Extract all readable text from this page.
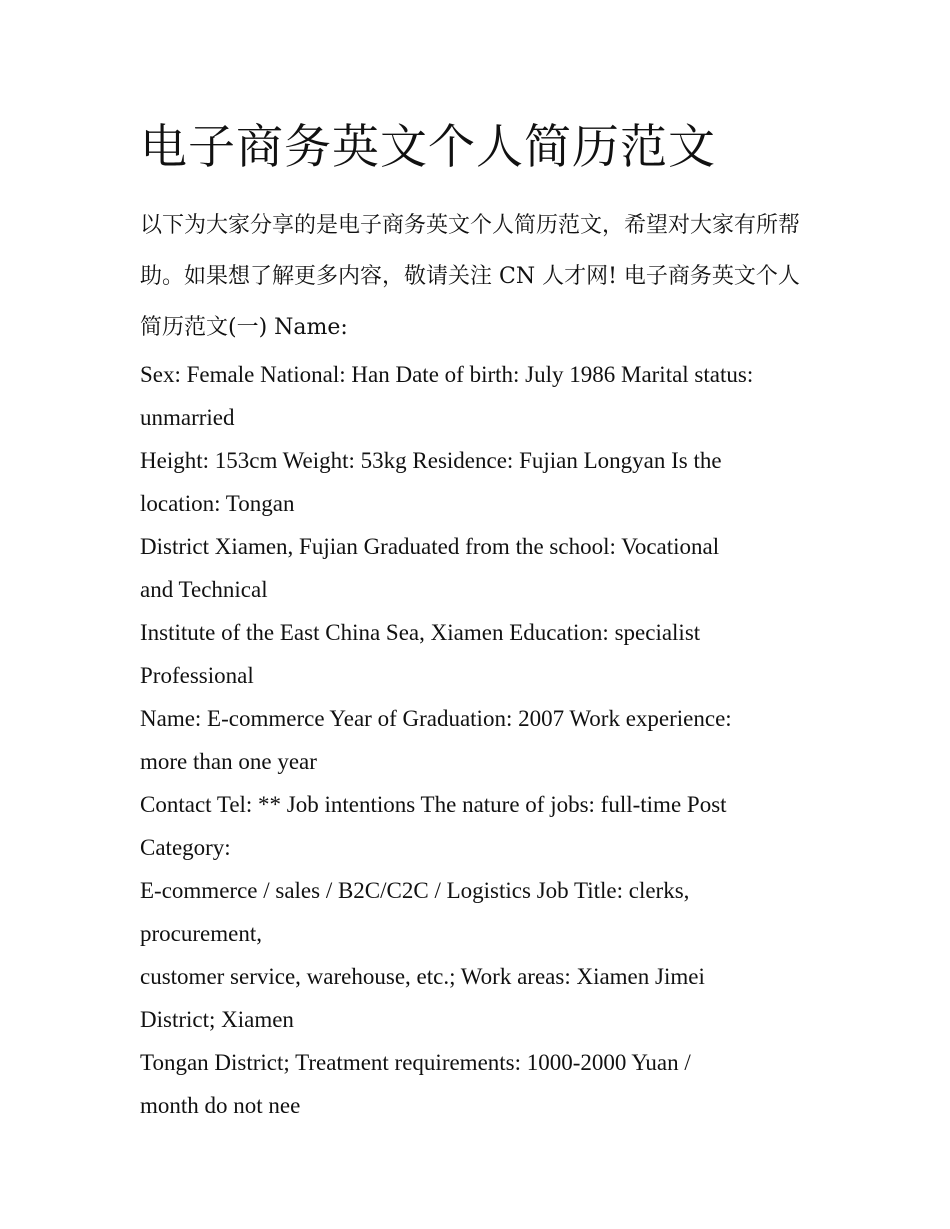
电子商务英文个人简历范文

以下为大家分享的是电子商务英文个人简历范文，希望对大家有所帮助。如果想了解更多内容，敬请关注 CN 人才网! 电子商务英文个人简历范文(一) Name:

Sex: Female National: Han Date of birth: July 1986 Marital status:
unmarried
Height: 153cm Weight: 53kg Residence: Fujian Longyan Is the
location: Tongan
District Xiamen, Fujian Graduated from the school: Vocational
and Technical
Institute of the East China Sea, Xiamen Education: specialist
Professional
Name: E-commerce Year of Graduation: 2007 Work experience:
more than one year
Contact Tel: ** Job intentions The nature of jobs: full-time Post
Category:
E-commerce / sales / B2C/C2C / Logistics Job Title: clerks,
procurement,
customer service, warehouse, etc.; Work areas: Xiamen Jimei
District; Xiamen
Tongan District; Treatment requirements: 1000-2000 Yuan /
month do not nee
